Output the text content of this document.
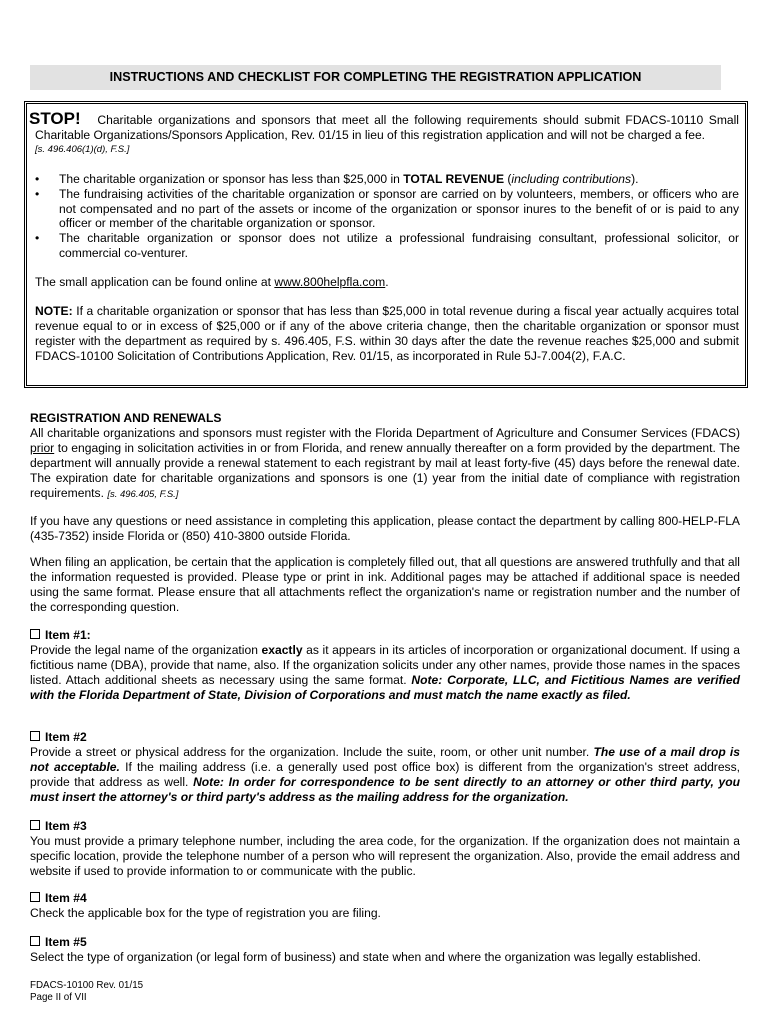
INSTRUCTIONS AND CHECKLIST FOR COMPLETING THE REGISTRATION APPLICATION
STOP! Charitable organizations and sponsors that meet all the following requirements should submit FDACS-10110 Small Charitable Organizations/Sponsors Application, Rev. 01/15 in lieu of this registration application and will not be charged a fee.
[s. 496.406(1)(d), F.S.]
• The charitable organization or sponsor has less than $25,000 in TOTAL REVENUE (including contributions).
• The fundraising activities of the charitable organization or sponsor are carried on by volunteers, members, or officers who are not compensated and no part of the assets or income of the organization or sponsor inures to the benefit of or is paid to any officer or member of the charitable organization or sponsor.
• The charitable organization or sponsor does not utilize a professional fundraising consultant, professional solicitor, or commercial co-venturer.
The small application can be found online at www.800helpfla.com.
NOTE: If a charitable organization or sponsor that has less than $25,000 in total revenue during a fiscal year actually acquires total revenue equal to or in excess of $25,000 or if any of the above criteria change, then the charitable organization or sponsor must register with the department as required by s. 496.405, F.S. within 30 days after the date the revenue reaches $25,000 and submit FDACS-10100 Solicitation of Contributions Application, Rev. 01/15, as incorporated in Rule 5J-7.004(2), F.A.C.
REGISTRATION AND RENEWALS
All charitable organizations and sponsors must register with the Florida Department of Agriculture and Consumer Services (FDACS) prior to engaging in solicitation activities in or from Florida, and renew annually thereafter on a form provided by the department. The department will annually provide a renewal statement to each registrant by mail at least forty-five (45) days before the renewal date. The expiration date for charitable organizations and sponsors is one (1) year from the initial date of compliance with registration requirements. [s. 496.405, F.S.]
If you have any questions or need assistance in completing this application, please contact the department by calling 800-HELP-FLA (435-7352) inside Florida or (850) 410-3800 outside Florida.
When filing an application, be certain that the application is completely filled out, that all questions are answered truthfully and that all the information requested is provided. Please type or print in ink. Additional pages may be attached if additional space is needed using the same format. Please ensure that all attachments reflect the organization's name or registration number and the number of the corresponding question.
Item #1:
Provide the legal name of the organization exactly as it appears in its articles of incorporation or organizational document. If using a fictitious name (DBA), provide that name, also. If the organization solicits under any other names, provide those names in the spaces listed. Attach additional sheets as necessary using the same format. Note: Corporate, LLC, and Fictitious Names are verified with the Florida Department of State, Division of Corporations and must match the name exactly as filed.
Item #2
Provide a street or physical address for the organization. Include the suite, room, or other unit number. The use of a mail drop is not acceptable. If the mailing address (i.e. a generally used post office box) is different from the organization's street address, provide that address as well. Note: In order for correspondence to be sent directly to an attorney or other third party, you must insert the attorney's or third party's address as the mailing address for the organization.
Item #3
You must provide a primary telephone number, including the area code, for the organization. If the organization does not maintain a specific location, provide the telephone number of a person who will represent the organization. Also, provide the email address and website if used to provide information to or communicate with the public.
Item #4
Check the applicable box for the type of registration you are filing.
Item #5
Select the type of organization (or legal form of business) and state when and where the organization was legally established.
FDACS-10100 Rev. 01/15
Page II of VII
